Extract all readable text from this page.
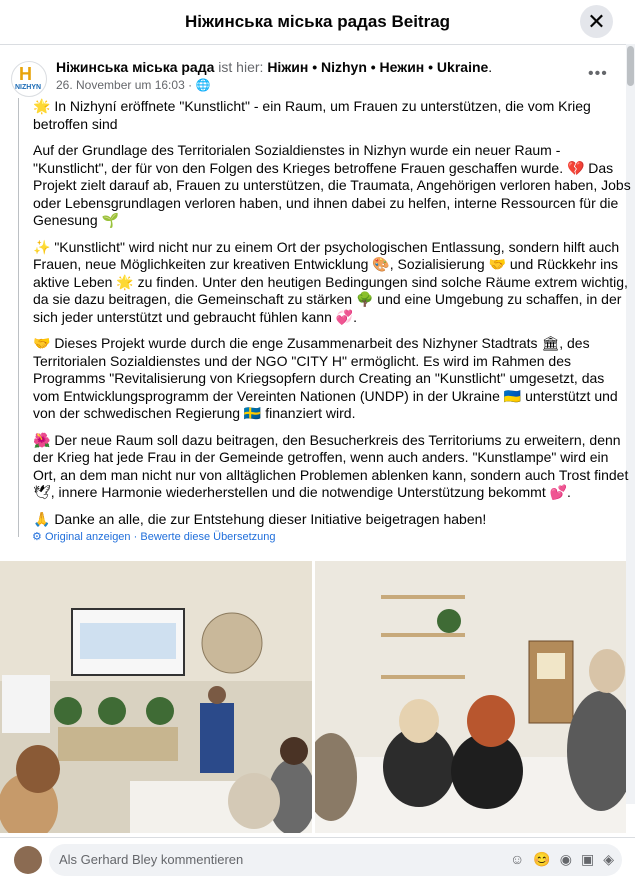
Ніжинська міська радas Beitrag	✕
H
NIZHYN
Ніжинська міська рада ist hier: Ніжин • Nizhyn • Нежин • Ukraine.
26. November um 16:03 · 🌐
•••

🌟 In Nizhyní eröffnete "Kunstlicht" - ein Raum, um Frauen zu unterstützen, die vom Krieg betroffen sind

Auf der Grundlage des Territorialen Sozialdienstes in Nizhyn wurde ein neuer Raum - "Kunstlicht", der für von den Folgen des Krieges betroffene Frauen geschaffen wurde. 💔 Das Projekt zielt darauf ab, Frauen zu unterstützen, die Traumata, Angehörigen verloren haben, Jobs oder Lebensgrundlagen verloren haben, und ihnen dabei zu helfen, interne Ressourcen für die Genesung 🌱

✨ "Kunstlicht" wird nicht nur zu einem Ort der psychologischen Entlassung, sondern hilft auch Frauen, neue Möglichkeiten zur kreativen Entwicklung 🎨, Sozialisierung 🤝 und Rückkehr ins aktive Leben 🌟 zu finden. Unter den heutigen Bedingungen sind solche Räume extrem wichtig, da sie dazu beitragen, die Gemeinschaft zu stärken 🌳 und eine Umgebung zu schaffen, in der sich jeder unterstützt und gebraucht fühlen kann 💞.

🤝 Dieses Projekt wurde durch die enge Zusammenarbeit des Nizhyner Stadtrats 🏛, des Territorialen Sozialdienstes und der NGO "CITY H" ermöglicht. Es wird im Rahmen des Programms "Revitalisierung von Kriegsopfern durch Creating an "Kunstlicht" umgesetzt, das vom Entwicklungsprogramm der Vereinten Nationen (UNDP) in der Ukraine 🇺🇦 unterstützt und von der schwedischen Regierung 🇸🇪 finanziert wird.

🌺 Der neue Raum soll dazu beitragen, den Besucherkreis des Territoriums zu erweitern, denn der Krieg hat jede Frau in der Gemeinde getroffen, wenn auch anders. "Kunstlampe" wird ein Ort, an dem man nicht nur von alltäglichen Problemen ablenken kann, sondern auch Trost findet 🕊, innere Harmonie wiederherstellen und die notwendige Unterstützung bekommt 💕.

🙏 Danke an alle, die zur Entstehung dieser Initiative beigetragen haben!

⚙ Original anzeigen · Bewerte diese Übersetzung
Als Gerhard Bley kommentieren	☺ 😊 ◉ ▣ ◈
